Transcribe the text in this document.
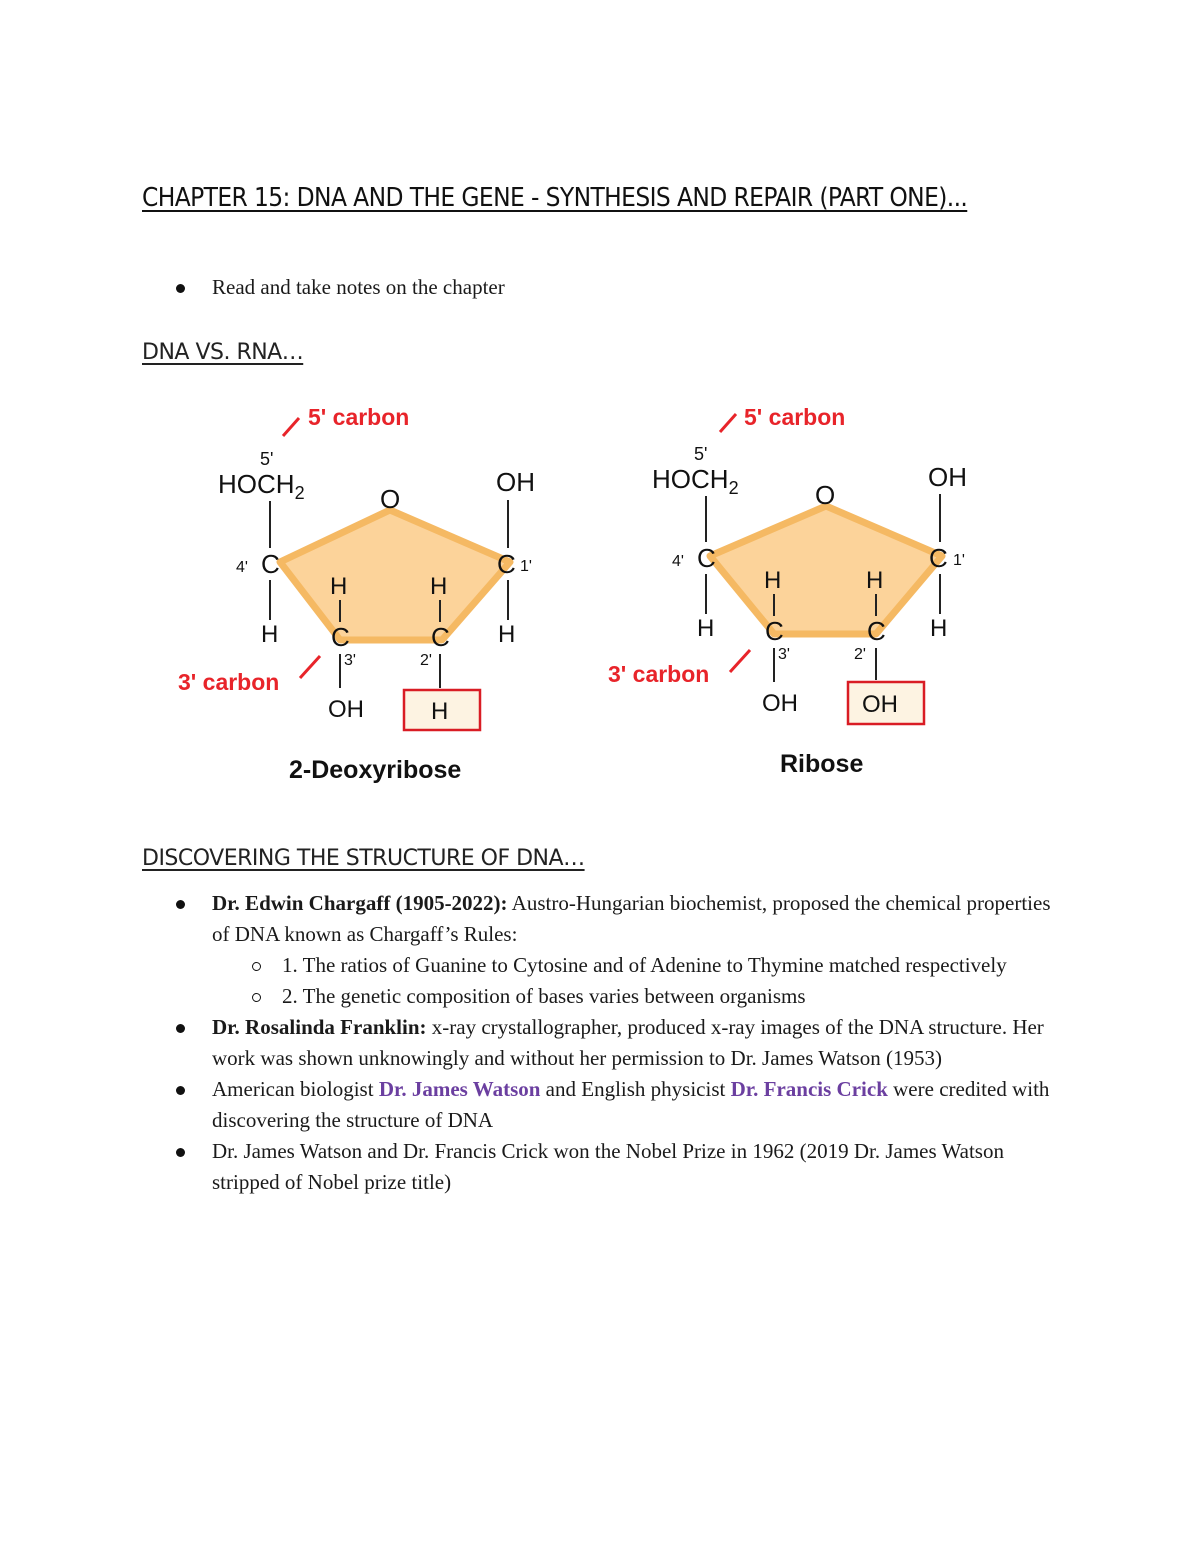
CHAPTER 15: DNA AND THE GENE - SYNTHESIS AND REPAIR (PART ONE)...
Read and take notes on the chapter
DNA VS. RNA…
5' carbon
3' carbon
5'
$HOCH_2$
4' C
H
O
OH
C 1'
H
H
C
3'
OH
H
C
2'
H
2-Deoxyribose
5' carbon
3' carbon
5'
$HOCH_2$
4' C
H
O
OH
C 1'
H
H
C
3'
OH
H
C
2'
OH
Ribose
DISCOVERING THE STRUCTURE OF DNA…
Dr. Edwin Chargaff (1905-2022): Austro-Hungarian biochemist, proposed the chemical properties of DNA known as Chargaff’s Rules:
1. The ratios of Guanine to Cytosine and of Adenine to Thymine matched respectively
2. The genetic composition of bases varies between organisms
Dr. Rosalinda Franklin: x-ray crystallographer, produced x-ray images of the DNA structure. Her work was shown unknowingly and without her permission to Dr. James Watson (1953)
American biologist Dr. James Watson and English physicist Dr. Francis Crick were credited with discovering the structure of DNA
Dr. James Watson and Dr. Francis Crick won the Nobel Prize in 1962 (2019 Dr. James Watson stripped of Nobel prize title)
